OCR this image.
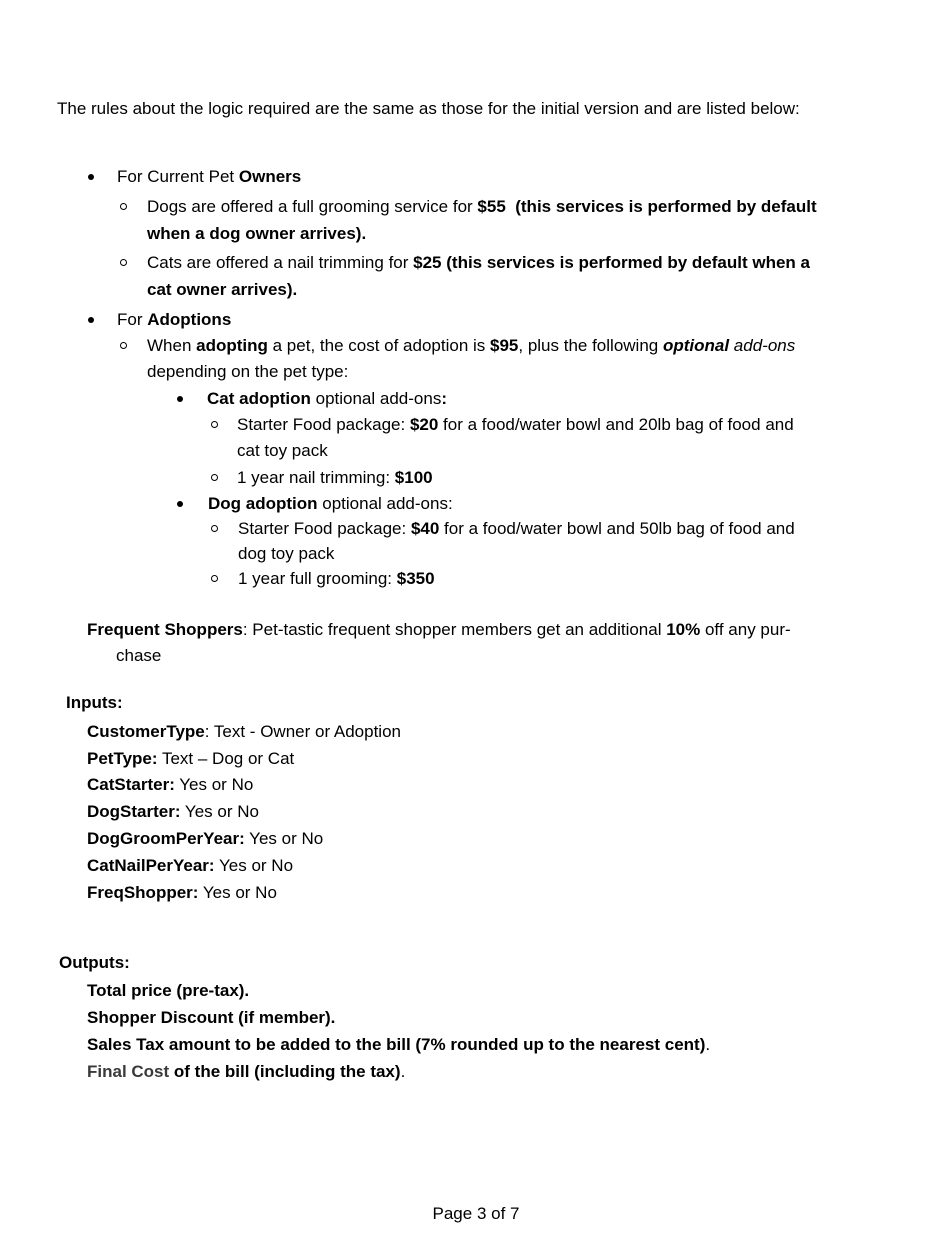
The rules about the logic required are the same as those for the initial version and are listed below:
For Current Pet Owners
Dogs are offered a full grooming service for $55 (this services is performed by default
when a dog owner arrives).
Cats are offered a nail trimming for $25 (this services is performed by default when a
cat owner arrives).
For Adoptions
When adopting a pet, the cost of adoption is $95, plus the following optional add-ons
depending on the pet type:
Cat adoption optional add-ons:
Starter Food package: $20 for a food/water bowl and 20lb bag of food and
cat toy pack
1 year nail trimming: $100
Dog adoption optional add-ons:
Starter Food package: $40 for a food/water bowl and 50lb bag of food and
dog toy pack
1 year full grooming: $350
Frequent Shoppers: Pet-tastic frequent shopper members get an additional 10% off any pur-
chase
Inputs:
CustomerType: Text - Owner or Adoption
PetType: Text – Dog or Cat
CatStarter: Yes or No
DogStarter: Yes or No
DogGroomPerYear: Yes or No
CatNailPerYear: Yes or No
FreqShopper: Yes or No
Outputs:
Total price (pre-tax).
Shopper Discount (if member).
Sales Tax amount to be added to the bill (7% rounded up to the nearest cent).
Final Cost of the bill (including the tax).
Page 3 of 7
